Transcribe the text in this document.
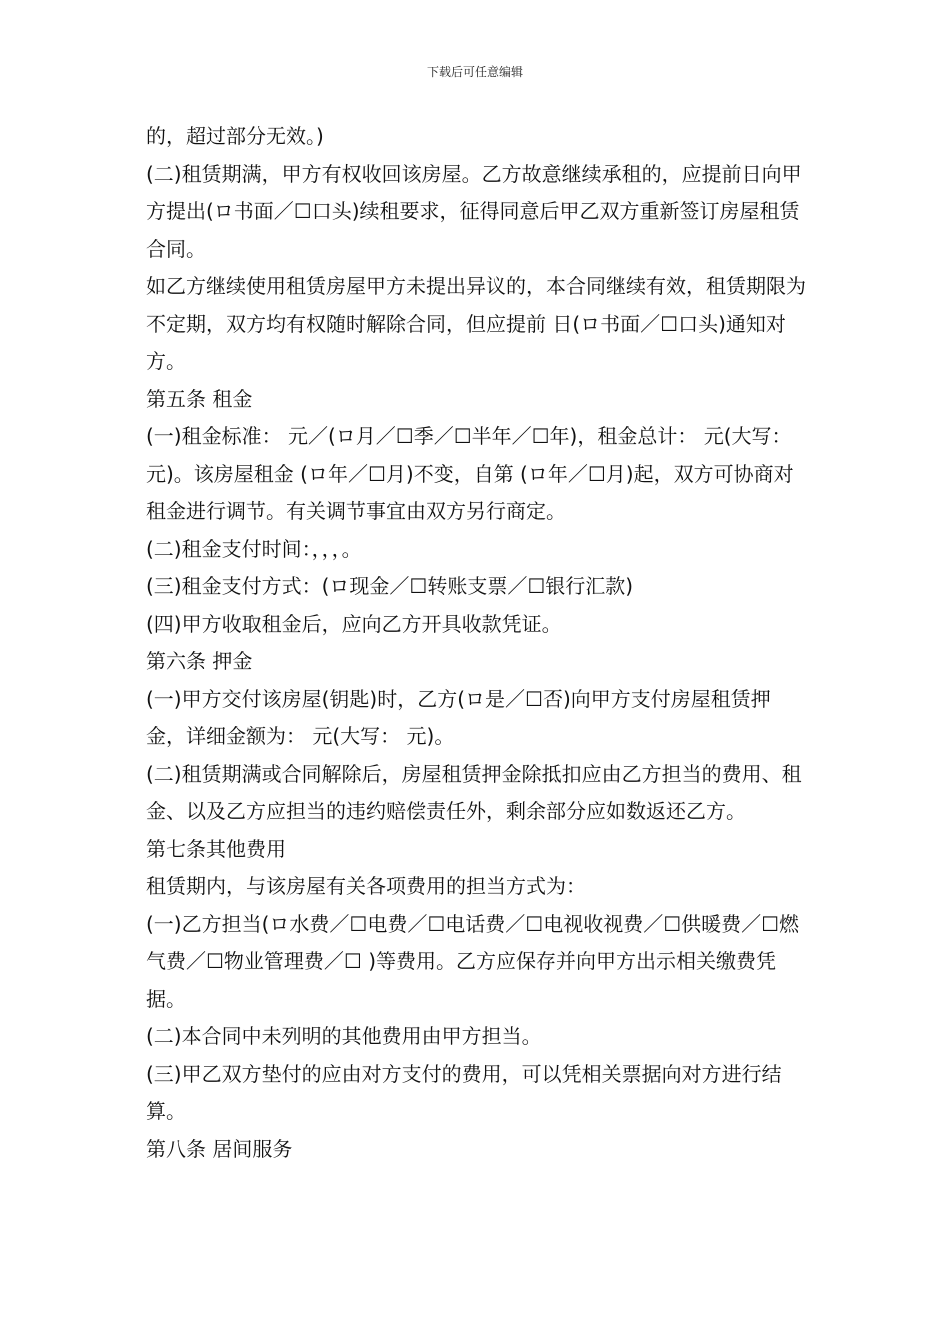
下载后可任意编辑

的，超过部分无效。)

(二)租赁期满，甲方有权收回该房屋。乙方故意继续承租的，应提前日向甲方提出(ロ书面／☐口头)续租要求，征得同意后甲乙双方重新签订房屋租赁合同。

如乙方继续使用租赁房屋甲方未提出异议的，本合同继续有效，租赁期限为不定期，双方均有权随时解除合同，但应提前 日(ロ书面／☐口头)通知对方。

第五条 租金

(一)租金标准： 元／(ロ月／☐季／☐半年／☐年)，租金总计： 元(大写： 元)。该房屋租金 (ロ年／☐月)不变，自第 (ロ年／☐月)起，双方可协商对租金进行调节。有关调节事宜由双方另行商定。

(二)租金支付时间：，，，。

(三)租金支付方式：(ロ现金／☐转账支票／☐银行汇款)

(四)甲方收取租金后，应向乙方开具收款凭证。

第六条 押金

(一)甲方交付该房屋(钥匙)时，乙方(ロ是／☐否)向甲方支付房屋租赁押金，详细金额为： 元(大写： 元)。

(二)租赁期满或合同解除后，房屋租赁押金除抵扣应由乙方担当的费用、租金、以及乙方应担当的违约赔偿责任外，剩余部分应如数返还乙方。

第七条其他费用

租赁期内，与该房屋有关各项费用的担当方式为：

(一)乙方担当(ロ水费／☐电费／☐电话费／☐电视收视费／☐供暖费／☐燃气费／☐物业管理费／☐ )等费用。乙方应保存并向甲方出示相关缴费凭据。

(二)本合同中未列明的其他费用由甲方担当。

(三)甲乙双方垫付的应由对方支付的费用，可以凭相关票据向对方进行结算。

第八条 居间服务
